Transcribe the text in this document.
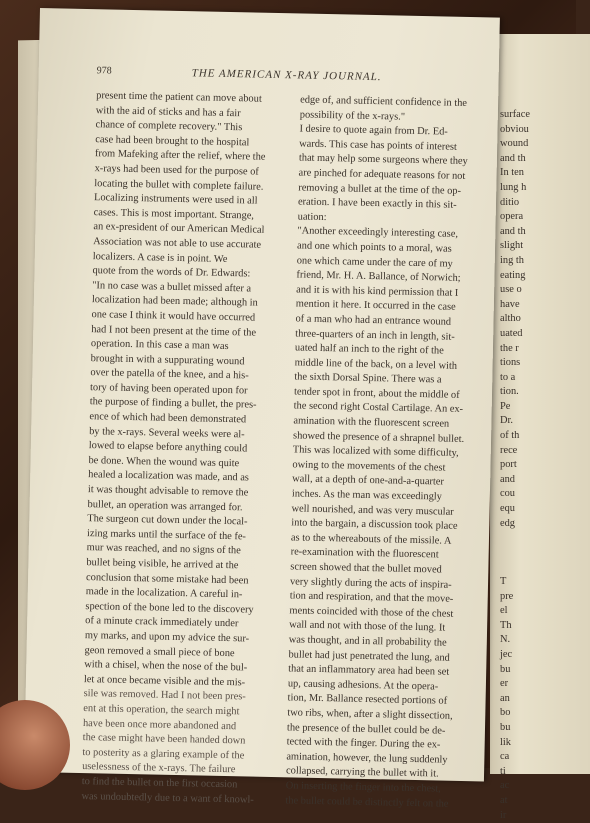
978	THE AMERICAN X-RAY JOURNAL.
present time the patient can move about
with the aid of sticks and has a fair
chance of complete recovery." This
case had been brought to the hospital
from Mafeking after the relief, where the
x-rays had been used for the purpose of
locating the bullet with complete failure.
Localizing instruments were used in all
cases. This is most important. Strange,
an ex-president of our American Medical
Association was not able to use accurate
localizers. A case is in point. We
quote from the words of Dr. Edwards:
"In no case was a bullet missed after a
localization had been made; although in
one case I think it would have occurred
had I not been present at the time of the
operation. In this case a man was
brought in with a suppurating wound
over the patella of the knee, and a his-
tory of having been operated upon for
the purpose of finding a bullet, the pres-
ence of which had been demonstrated
by the x-rays. Several weeks were al-
lowed to elapse before anything could
be done. When the wound was quite
healed a localization was made, and as
it was thought advisable to remove the
bullet, an operation was arranged for.
The surgeon cut down under the local-
izing marks until the surface of the fe-
mur was reached, and no signs of the
bullet being visible, he arrived at the
conclusion that some mistake had been
made in the localization. A careful in-
spection of the bone led to the discovery
of a minute crack immediately under
my marks, and upon my advice the sur-
geon removed a small piece of bone
with a chisel, when the nose of the bul-
let at once became visible and the mis-
sile was removed. Had I not been pres-
ent at this operation, the search might
have been once more abandoned and
the case might have been handed down
to posterity as a glaring example of the
uselessness of the x-rays. The failure
to find the bullet on the first occasion
was undoubtedly due to a want of knowl-
edge of, and sufficient confidence in the
possibility of the x-rays."
I desire to quote again from Dr. Ed-
wards. This case has points of interest
that may help some surgeons where they
are pinched for adequate reasons for not
removing a bullet at the time of the op-
eration. I have been exactly in this sit-
uation:
"Another exceedingly interesting case,
and one which points to a moral, was
one which came under the care of my
friend, Mr. H. A. Ballance, of Norwich;
and it is with his kind permission that I
mention it here. It occurred in the case
of a man who had an entrance wound
three-quarters of an inch in length, sit-
uated half an inch to the right of the
middle line of the back, on a level with
the sixth Dorsal Spine. There was a
tender spot in front, about the middle of
the second right Costal Cartilage. An ex-
amination with the fluorescent screen
showed the presence of a shrapnel bullet.
This was localized with some difficulty,
owing to the movements of the chest
wall, at a depth of one-and-a-quarter
inches. As the man was exceedingly
well nourished, and was very muscular
into the bargain, a discussion took place
as to the whereabouts of the missile. A
re-examination with the fluorescent
screen showed that the bullet moved
very slightly during the acts of inspira-
tion and respiration, and that the move-
ments coincided with those of the chest
wall and not with those of the lung. It
was thought, and in all probability the
bullet had just penetrated the lung, and
that an inflammatory area had been set
up, causing adhesions. At the opera-
tion, Mr. Ballance resected portions of
two ribs, when, after a slight dissection,
the presence of the bullet could be de-
tected with the finger. During the ex-
amination, however, the lung suddenly
collapsed, carrying the bullet with it.
On inserting the finger into the chest,
the bullet could be distinctly felt on the
surface
obviou
wound
and th
In ten
lung h
ditio
opera
and th
slight
ing th
eating
use o
have
altho
uated
the r
tions
to a
tion.
Pe
Dr.
of th
rece
port
and
cou
equ
edg
T
pre
el
Th
N.
jec
bu
er
an
bo
bu
lik
ca
ti
ac
at
ir
